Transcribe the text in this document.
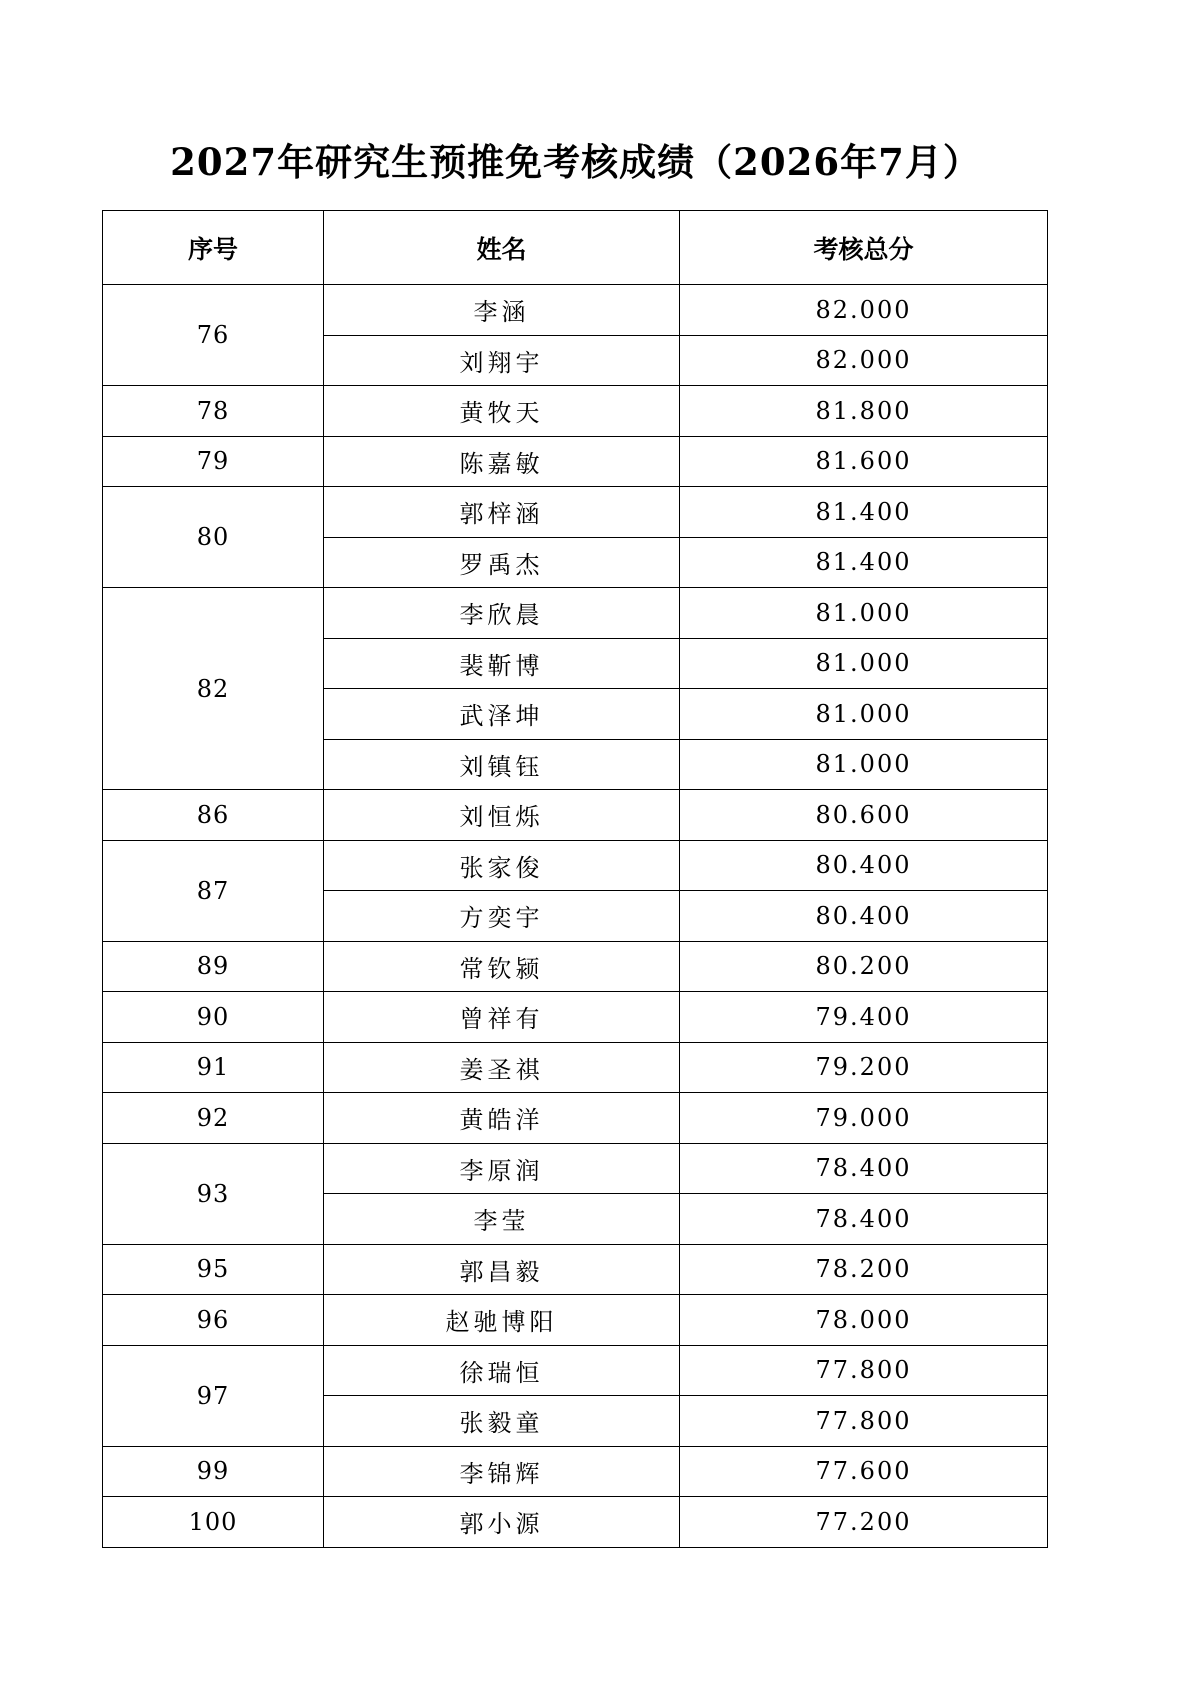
2027年研究生预推免考核成绩（2026年7月）
序号	姓名	考核总分
76	李涵	82.000
	刘翔宇	82.000
78	黄牧天	81.800
79	陈嘉敏	81.600
80	郭梓涵	81.400
	罗禹杰	81.400
82	李欣晨	81.000
	裴靳博	81.000
	武泽坤	81.000
	刘镇钰	81.000
86	刘恒烁	80.600
87	张家俊	80.400
	方奕宇	80.400
89	常钦颍	80.200
90	曾祥有	79.400
91	姜圣祺	79.200
92	黄皓洋	79.000
93	李原润	78.400
	李莹	78.400
95	郭昌毅	78.200
96	赵驰博阳	78.000
97	徐瑞恒	77.800
	张毅童	77.800
99	李锦辉	77.600
100	郭小源	77.200
